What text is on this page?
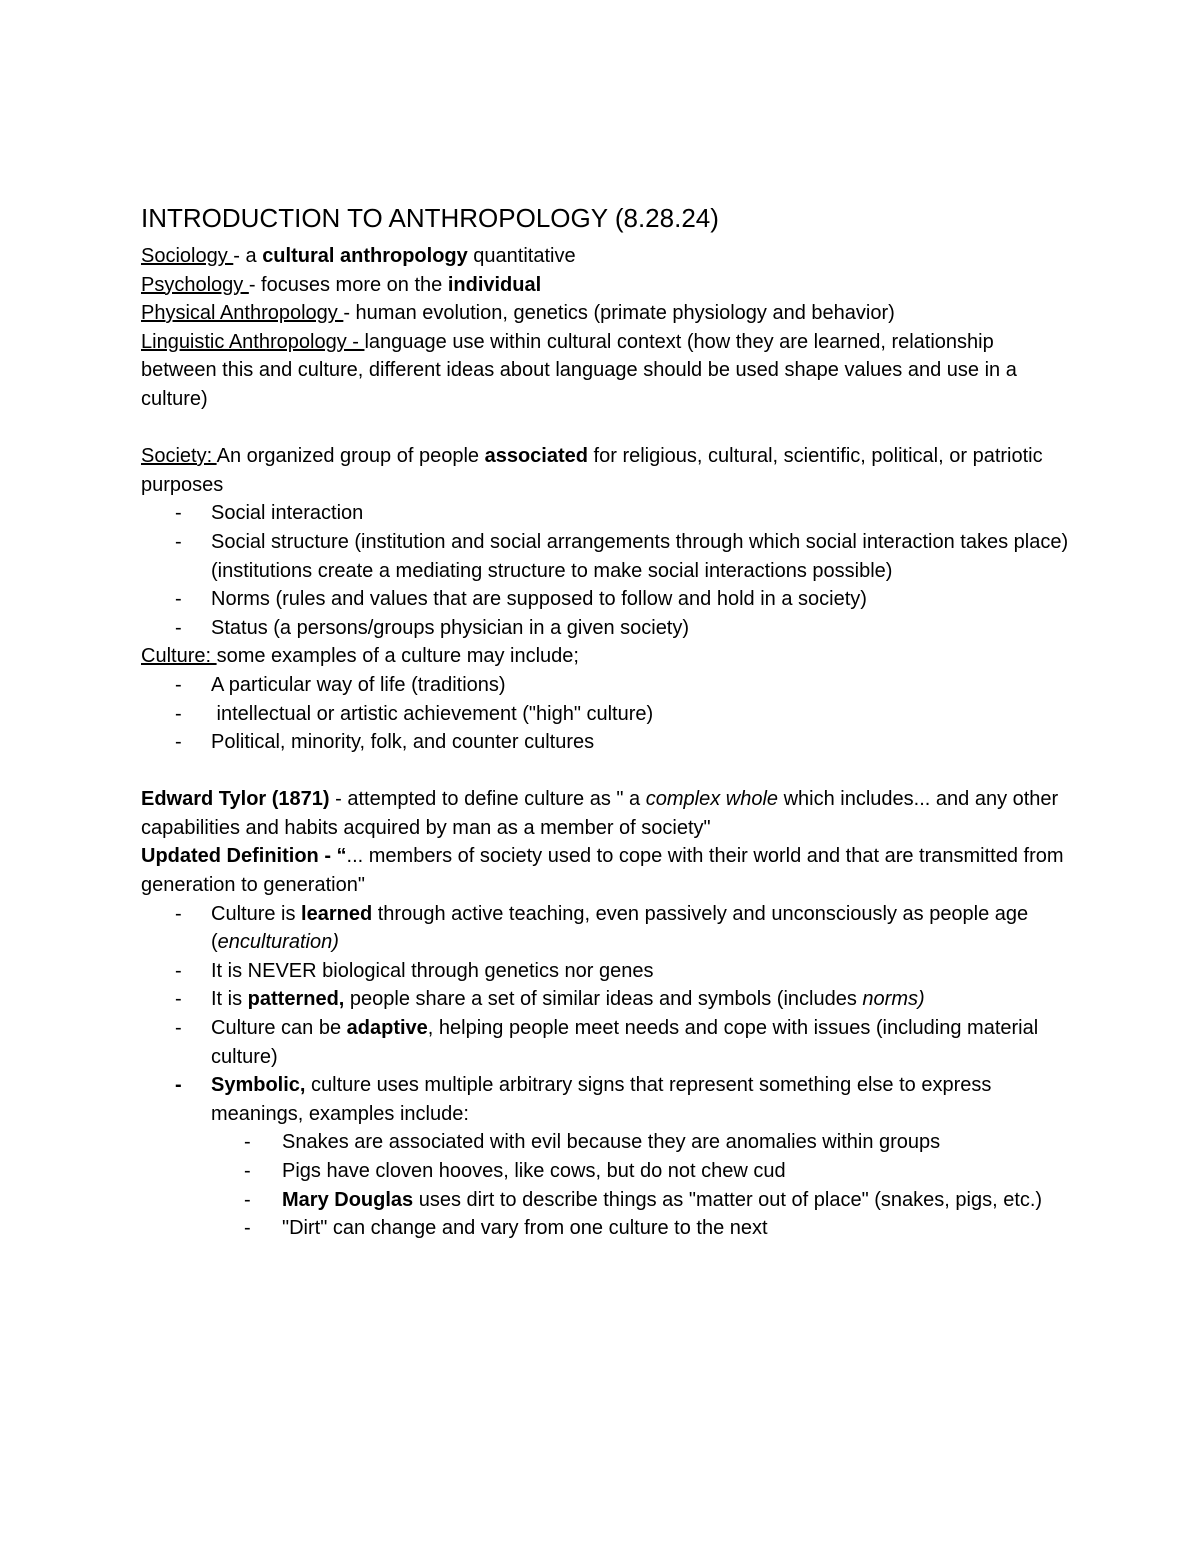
INTRODUCTION TO ANTHROPOLOGY (8.28.24)

Sociology - a cultural anthropology quantitative

Psychology - focuses more on the individual

Physical Anthropology - human evolution, genetics (primate physiology and behavior)

Linguistic Anthropology - language use within cultural context (how they are learned, relationship between this and culture, different ideas about language should be used shape values and use in a culture)

Society: An organized group of people associated for religious, cultural, scientific, political, or patriotic purposes

- Social interaction
- Social structure (institution and social arrangements through which social interaction takes place) (institutions create a mediating structure to make social interactions possible)
- Norms (rules and values that are supposed to follow and hold in a society)
- Status (a persons/groups physician in a given society)

Culture: some examples of a culture may include;

- A particular way of life (traditions)
-  intellectual or artistic achievement ("high" culture)
- Political, minority, folk, and counter cultures

Edward Tylor (1871) - attempted to define culture as " a complex whole which includes... and any other capabilities and habits acquired by man as a member of society"

Updated Definition - “... members of society used to cope with their world and that are transmitted from generation to generation"

- Culture is learned through active teaching, even passively and unconsciously as people age (enculturation)
- It is NEVER biological through genetics nor genes
- It is patterned, people share a set of similar ideas and symbols (includes norms)
- Culture can be adaptive, helping people meet needs and cope with issues (including material culture)
- Symbolic, culture uses multiple arbitrary signs that represent something else to express meanings, examples include:
- Snakes are associated with evil because they are anomalies within groups
- Pigs have cloven hooves, like cows, but do not chew cud
- Mary Douglas uses dirt to describe things as "matter out of place" (snakes, pigs, etc.)
- "Dirt" can change and vary from one culture to the next
